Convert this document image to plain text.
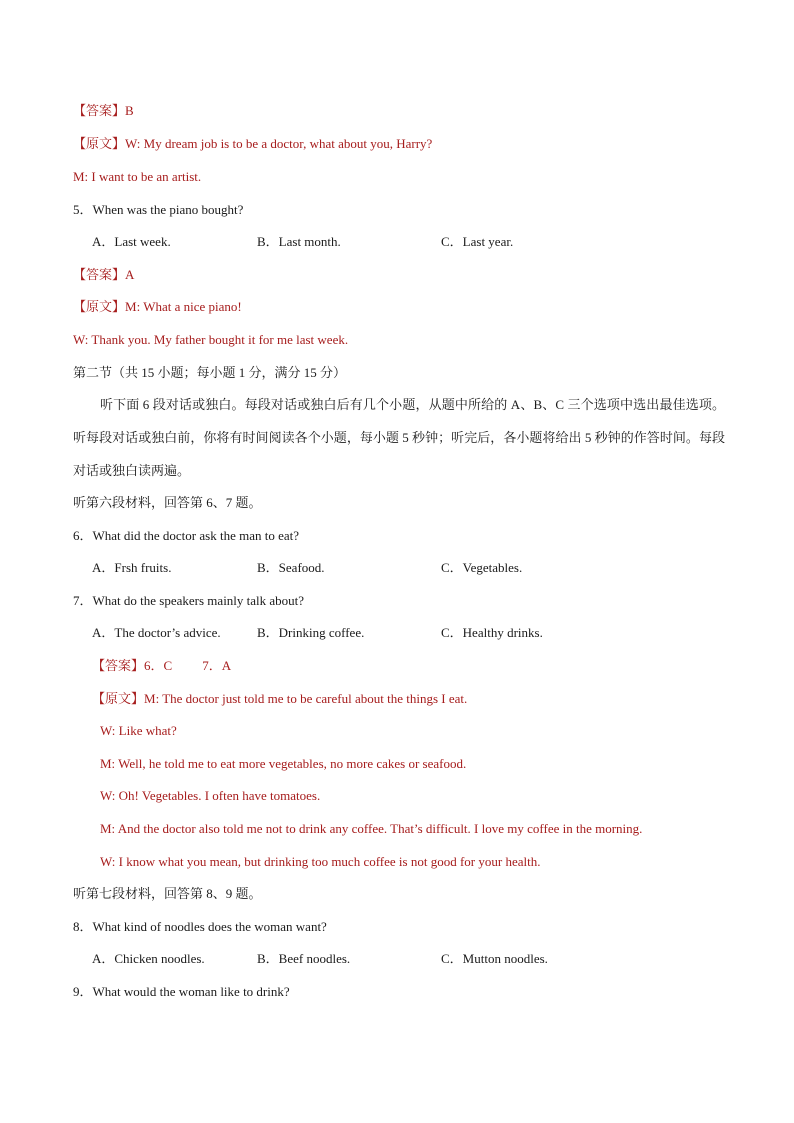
【答案】B
【原文】W: My dream job is to be a doctor, what about you, Harry?
M: I want to be an artist.
5．When was the piano bought?
A．Last week.	B．Last month.	C．Last year.
【答案】A
【原文】M: What a nice piano!
W: Thank you. My father bought it for me last week.
第二节（共 15 小题；每小题 1 分，满分 15 分）
听下面 6 段对话或独白。每段对话或独白后有几个小题，从题中所给的 A、B、C 三个选项中选出最佳选项。听每段对话或独白前，你将有时间阅读各个小题，每小题 5 秒钟；听完后，各小题将给出 5 秒钟的作答时间。每段对话或独白读两遍。
听第六段材料，回答第 6、7 题。
6．What did the doctor ask the man to eat?
A．Frsh fruits.	B．Seafood.	C．Vegetables.
7．What do the speakers mainly talk about?
A．The doctor’s advice.	B．Drinking coffee.	C．Healthy drinks.
【答案】6．C 7．A
【原文】M: The doctor just told me to be careful about the things I eat.
W: Like what?
M: Well, he told me to eat more vegetables, no more cakes or seafood.
W: Oh! Vegetables. I often have tomatoes.
M: And the doctor also told me not to drink any coffee. That’s difficult. I love my coffee in the morning.
W: I know what you mean, but drinking too much coffee is not good for your health.
听第七段材料，回答第 8、9 题。
8．What kind of noodles does the woman want?
A．Chicken noodles.	B．Beef noodles.	C．Mutton noodles.
9．What would the woman like to drink?
